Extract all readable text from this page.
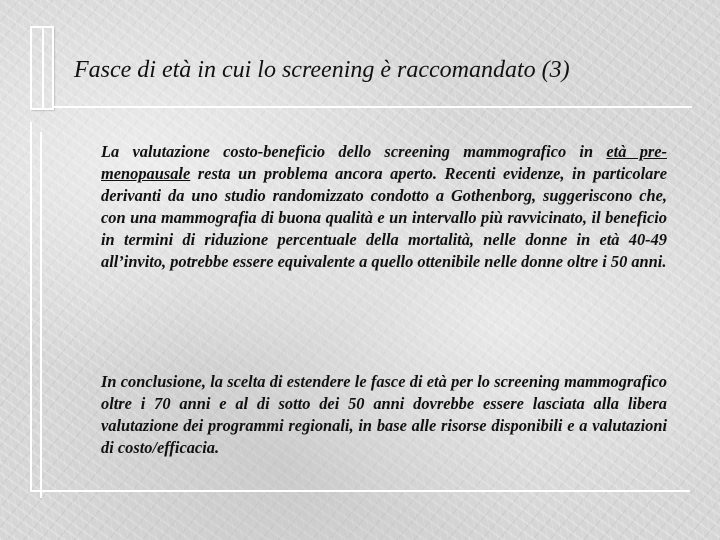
Fasce di età in cui lo screening è raccomandato (3)

La valutazione costo-beneficio dello screening mammografico in età pre-menopausale resta un problema ancora aperto. Recenti evidenze, in particolare derivanti da uno studio randomizzato condotto a Gothenborg, suggeriscono che, con una mammografia di buona qualità e un intervallo più ravvicinato, il beneficio in termini di riduzione percentuale della mortalità, nelle donne in età 40-49 all’invito, potrebbe essere equivalente a quello ottenibile nelle donne oltre i 50 anni.

In conclusione, la scelta di estendere le fasce di età per lo screening mammografico oltre i 70 anni e al di sotto dei 50 anni dovrebbe essere lasciata alla libera valutazione dei programmi regionali, in base alle risorse disponibili e a valutazioni di costo/efficacia.
